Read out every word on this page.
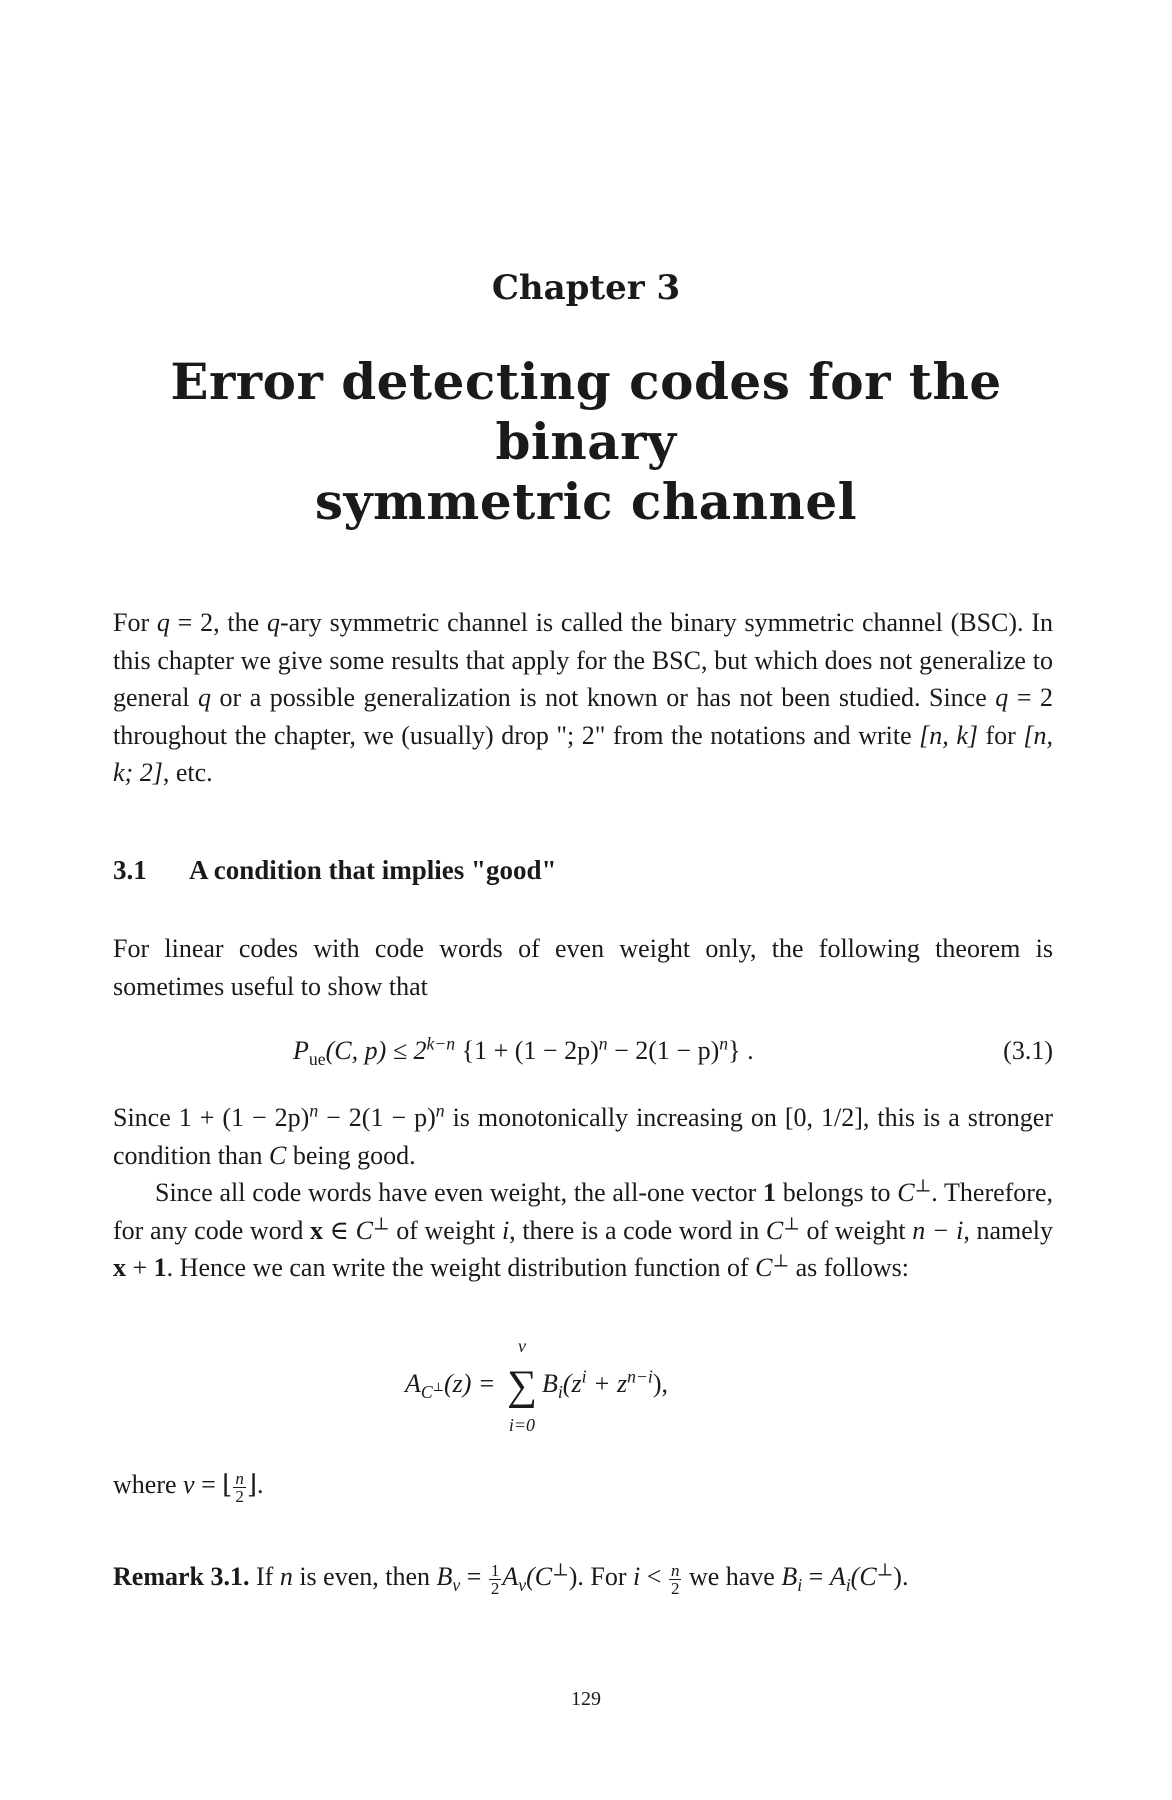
Chapter 3
Error detecting codes for the binary
symmetric channel

For q = 2, the q-ary symmetric channel is called the binary symmetric channel (BSC). In this chapter we give some results that apply for the BSC, but which does not generalize to general q or a possible generalization is not known or has not been studied. Since q = 2 throughout the chapter, we (usually) drop "; 2" from the notations and write [n, k] for [n, k; 2], etc.

3.1 A condition that implies "good"

For linear codes with code words of even weight only, the following theorem is sometimes useful to show that

$P_{ue}(C$, $p) \le 2^{k-n}$ $\{1 + (1 - 2p)^n - 2(1 - p)^n\}$ .	(3.1)

Since $1 + (1 - 2p)^n - 2(1 - p)^n$ is monotonically increasing on [0, 1/2], this is a stronger condition than C being good.

Since all code words have even weight, the all-one vector 1 belongs to C⊥. Therefore, for any code word x ∈ C⊥ of weight i, there is a code word in C⊥ of weight n − i, namely x + 1. Hence we can write the weight distribution function of C⊥ as follows:

$A_{C^\perp}(z)$ =
ν
∑
i=0
$B_i(z^i + z^{n-i})$,

where ν = ⌊ $\frac{n}{2}$ ⌋.

Remark 3.1. If n is even, then $B_\nu = \frac{1}{2} A_\nu(C^\perp)$. For $i < \frac{n}{2}$ we have $B_i = A_i(C^\perp)$.

129
